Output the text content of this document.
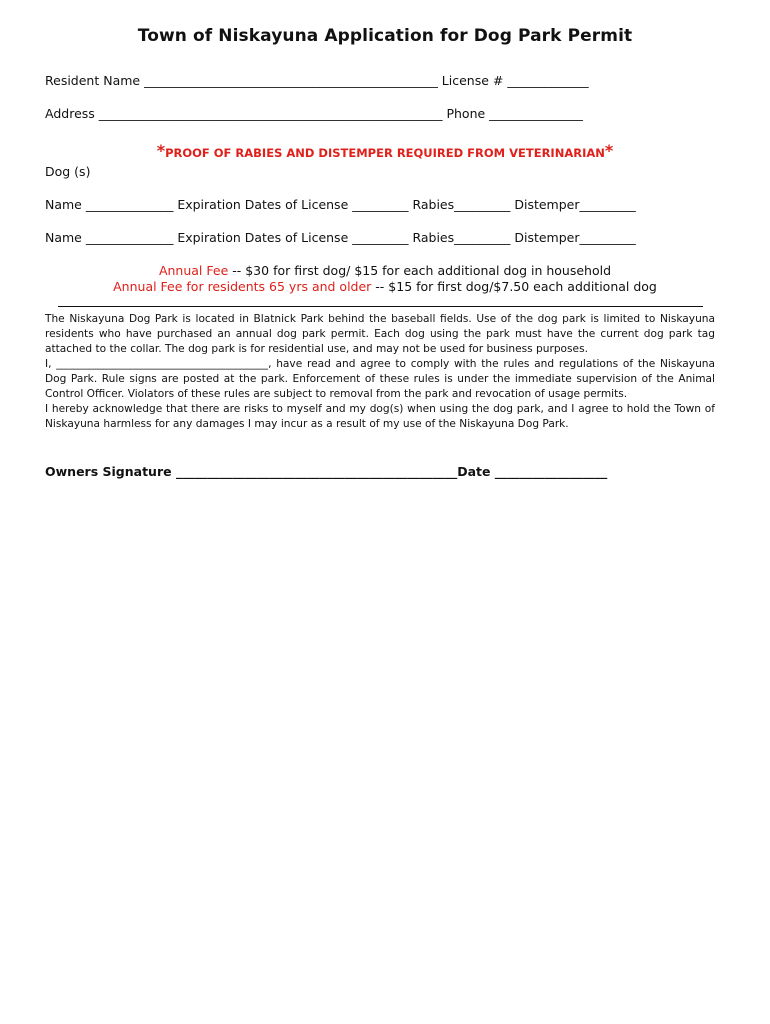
Town of Niskayuna Application for Dog Park Permit
Resident Name _______________________________________________ License # _____________
Address _______________________________________________________ Phone _______________
*PROOF OF RABIES AND DISTEMPER REQUIRED FROM VETERINARIAN*
Dog (s)
Name ______________ Expiration Dates of License _________ Rabies_________ Distemper_________
Name ______________ Expiration Dates of License _________ Rabies_________ Distemper_________
Annual Fee -- $30 for first dog/ $15 for each additional dog in household
Annual Fee for residents 65 yrs and older -- $15 for first dog/$7.50 each additional dog

The Niskayuna Dog Park is located in Blatnick Park behind the baseball fields. Use of the dog park is limited to Niskayuna residents who have purchased an annual dog park permit. Each dog using the park must have the current dog park tag attached to the collar. The dog park is for residential use, and may not be used for business purposes.

I, ________________________________________, have read and agree to comply with the rules and regulations of the Niskayuna Dog Park. Rule signs are posted at the park. Enforcement of these rules is under the immediate supervision of the Animal Control Officer. Violators of these rules are subject to removal from the park and revocation of usage permits.

I hereby acknowledge that there are risks to myself and my dog(s) when using the dog park, and I agree to hold the Town of Niskayuna harmless for any damages I may incur as a result of my use of the Niskayuna Dog Park.

Owners Signature _____________________________________________Date __________________
